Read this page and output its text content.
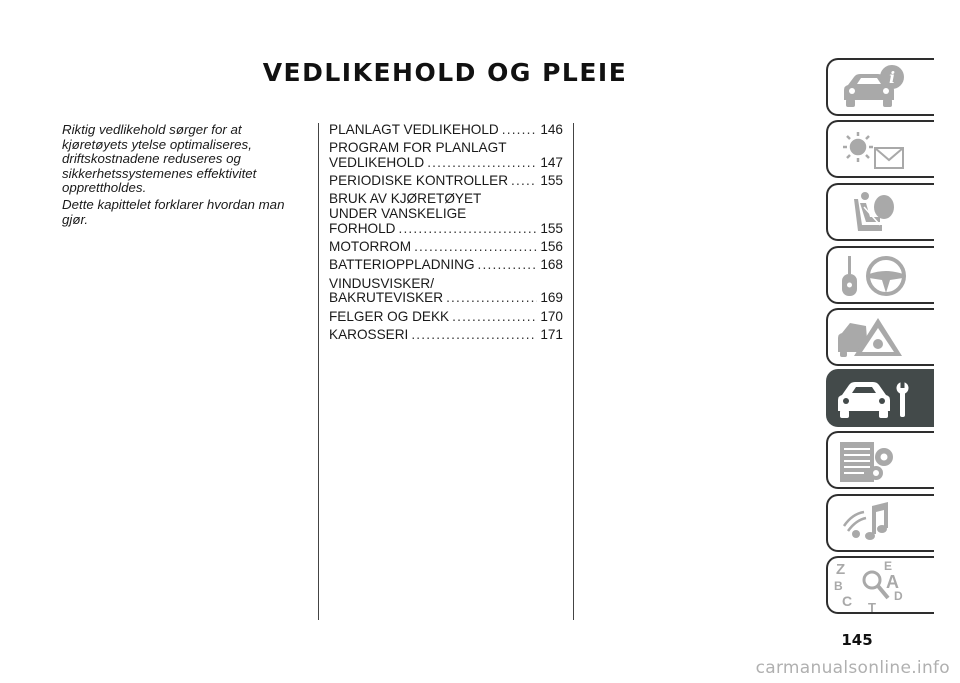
VEDLIKEHOLD OG PLEIE

Riktig vedlikehold sørger for at kjøretøyets ytelse optimaliseres, driftskostnadene reduseres og sikkerhetssystemenes effektivitet opprettholdes.

Dette kapittelet forklarer hvordan man gjør.

PLANLAGT VEDLIKEHOLD .....	146
PROGRAM FOR PLANLAGT
VEDLIKEHOLD .....	147
PERIODISKE KONTROLLER ..... 155
BRUK AV KJØRETØYET
UNDER VANSKELIGE
FORHOLD .....	155
MOTORROM .....	156
BATTERIOPPLADNING .....	168
VINDUSVISKER/
BAKRUTEVISKER .....	169
FELGER OG DEKK .....	170
KAROSSERI .....	171
i
Z	E
B A
C	D
T
145
carmanualsonline.info
